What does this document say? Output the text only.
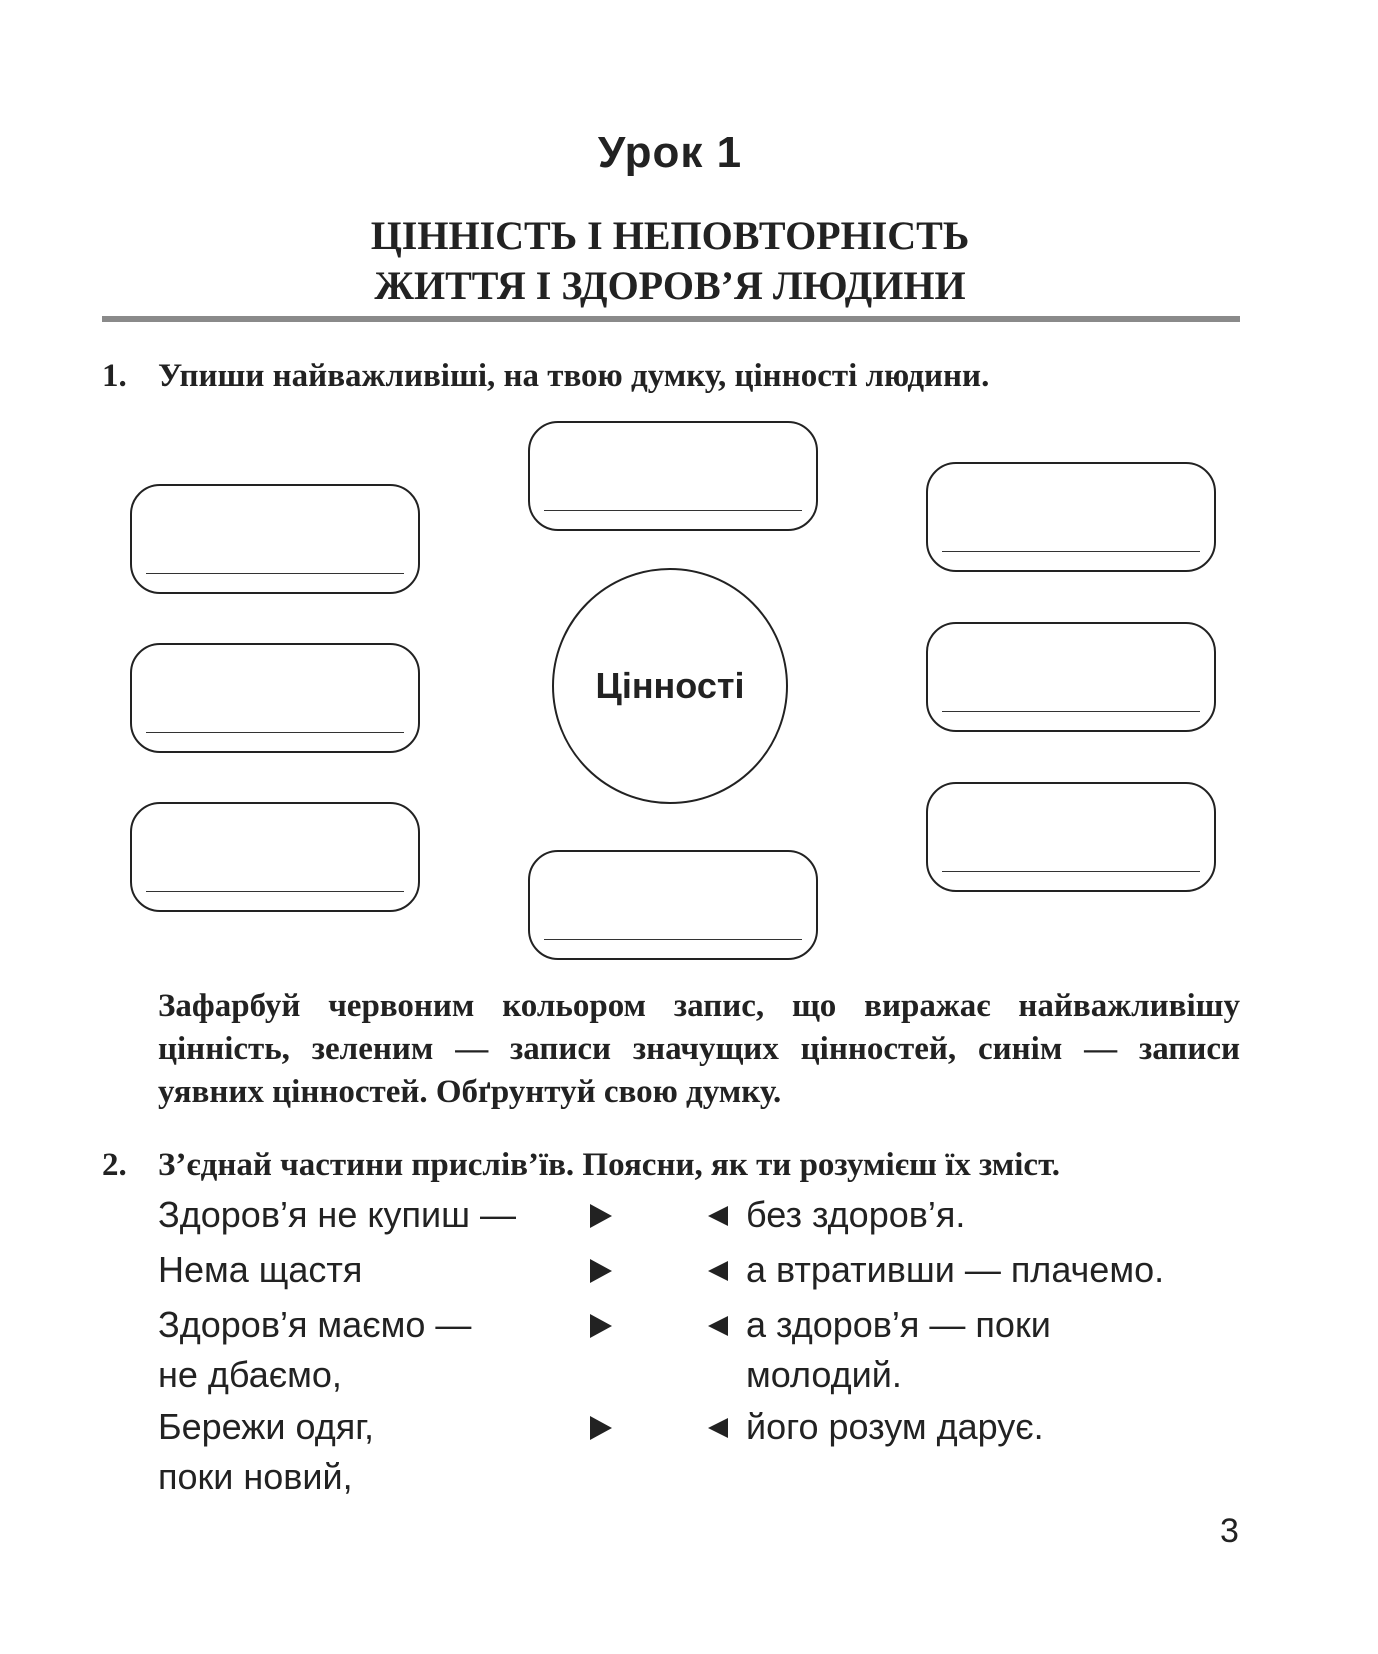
Урок 1
ЦІННІСТЬ І НЕПОВТОРНІСТЬ
ЖИТТЯ І ЗДОРОВ’Я ЛЮДИНИ
1. Упиши найважливіші, на твою думку, цінності людини.
Цінності
Зафарбуй червоним кольором запис, що виражає найважливішу цінність, зеленим — записи значущих цінностей, синім — записи уявних цінностей. Обґрунтуй свою думку.
2. З’єднай частини прислів’їв. Поясни, як ти розумієш їх зміст.
Здоров’я не купиш —	без здоров’я.
Нема щастя	а втративши — плачемо.
Здоров’я маємо —
не дбаємо,
а здоров’я — поки
молодий.
Бережи одяг,
поки новий,
його розум дарує.
3
